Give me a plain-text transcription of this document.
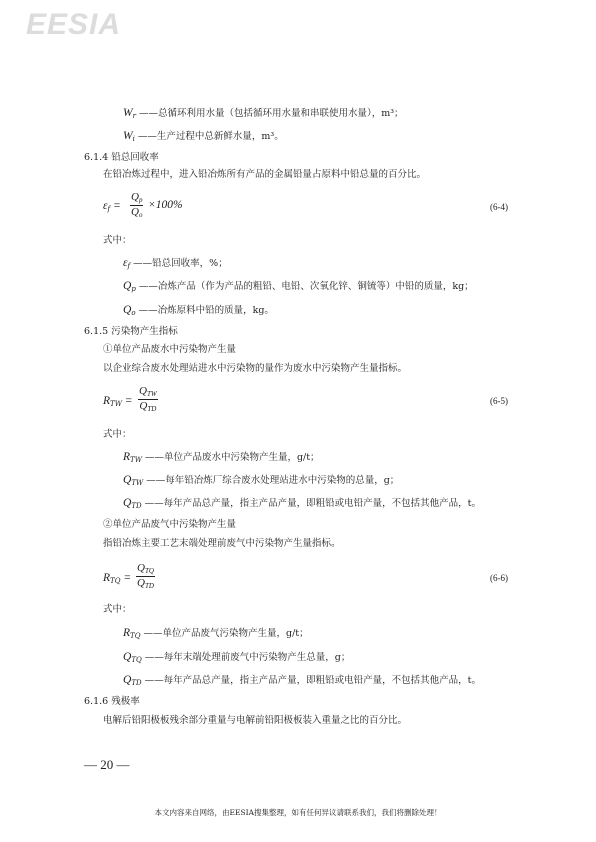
EESIA
$W_r$ ——总循环利用水量（包括循环用水量和串联使用水量），m³；
$W_i$ ——生产过程中总新鲜水量，m³。
6.1.4 铅总回收率
在铅冶炼过程中，进入铅冶炼所有产品的金属铅量占原料中铅总量的百分比。
$\varepsilon_f = \frac{Q_p}{Q_o} \times 100\%$	(6-4)
式中：
$\varepsilon_f$ ——铅总回收率，%；
$Q_p$ ——冶炼产品（作为产品的粗铅、电铅、次氧化锌、铜锍等）中铅的质量，kg；
$Q_o$ ——冶炼原料中铅的质量，kg。
6.1.5 污染物产生指标
①单位产品废水中污染物产生量
以企业综合废水处理站进水中污染物的量作为废水中污染物产生量指标。
$R_{TW}$ =
$Q_{TW}$
$Q_{TD}$
(6-5)
式中：
$R_{TW}$ ——单位产品废水中污染物产生量，g/t；
$Q_{TW}$ ——每年铅冶炼厂综合废水处理站进水中污染物的总量，g；
$Q_{TD}$ ——每年产品总产量，指主产品产量，即粗铅或电铅产量，不包括其他产品，t。
②单位产品废气中污染物产生量
指铅冶炼主要工艺末端处理前废气中污染物产生量指标。
$R_{TQ}$ =
$Q_{TQ}$
$Q_{TD}$
(6-6)
式中：
$R_{TQ}$ ——单位产品废气污染物产生量，g/t；
$Q_{TQ}$ ——每年末端处理前废气中污染物产生总量，g；
$Q_{TD}$ ——每年产品总产量，指主产品产量，即粗铅或电铅产量，不包括其他产品，t。
6.1.6 残极率
电解后铅阳极板残余部分重量与电解前铅阳极板装入重量之比的百分比。
— 20 —
本文内容来自网络，由EESIA搜集整理，如有任何异议请联系我们，我们将删除处理！
